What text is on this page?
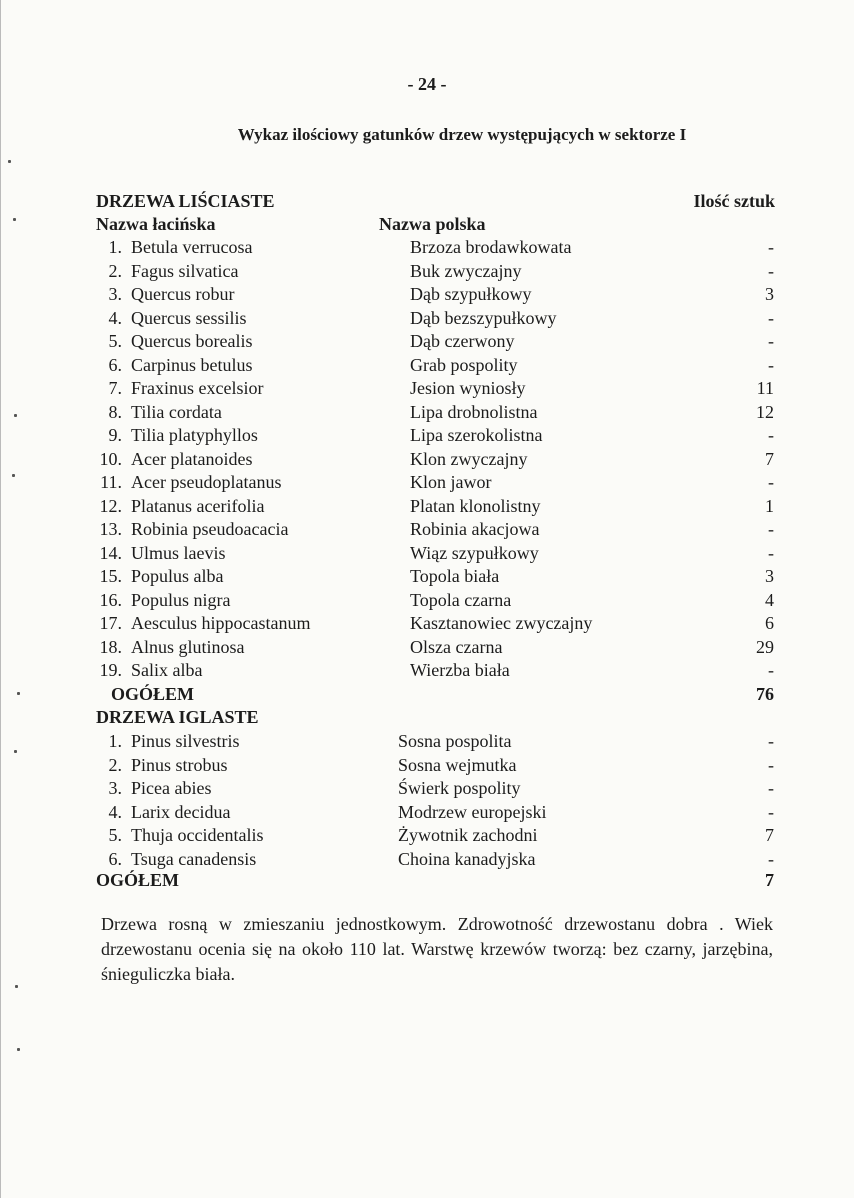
- 24 -
Wykaz ilościowy gatunków drzew występujących w sektorze I
DRZEWA LIŚCIASTE	Ilość sztuk
Nazwa łacińska	Nazwa polska
1. Betula verrucosa	Brzoza brodawkowata	-
2. Fagus silvatica	Buk zwyczajny	-
3. Quercus robur	Dąb szypułkowy	3
4. Quercus sessilis	Dąb bezszypułkowy	-
5. Quercus borealis	Dąb czerwony	-
6. Carpinus betulus	Grab pospolity	-
7. Fraxinus excelsior	Jesion wyniosły	11
8. Tilia cordata	Lipa drobnolistna	12
9. Tilia platyphyllos	Lipa szerokolistna	-
10. Acer platanoides	Klon zwyczajny	7
11. Acer pseudoplatanus	Klon jawor	-
12. Platanus acerifolia	Platan klonolistny	1
13. Robinia pseudoacacia	Robinia akacjowa	-
14. Ulmus laevis	Wiąz szypułkowy	-
15. Populus alba	Topola biała	3
16. Populus nigra	Topola czarna	4
17. Aesculus hippocastanum	Kasztanowiec zwyczajny	6
18. Alnus glutinosa	Olsza czarna	29
19. Salix alba	Wierzba biała	-
OGÓŁEM	76
DRZEWA IGLASTE
1. Pinus silvestris	Sosna pospolita	-
2. Pinus strobus	Sosna wejmutka	-
3. Picea abies	Świerk pospolity	-
4. Larix decidua	Modrzew europejski	-
5. Thuja occidentalis	Żywotnik zachodni	7
6. Tsuga canadensis	Choina kanadyjska	-
OGÓŁEM	7
Drzewa rosną w zmieszaniu jednostkowym. Zdrowotność drzewostanu dobra . Wiek drzewostanu ocenia się na około 110 lat. Warstwę krzewów tworzą: bez czarny, jarzębina, śnieguliczka biała.
